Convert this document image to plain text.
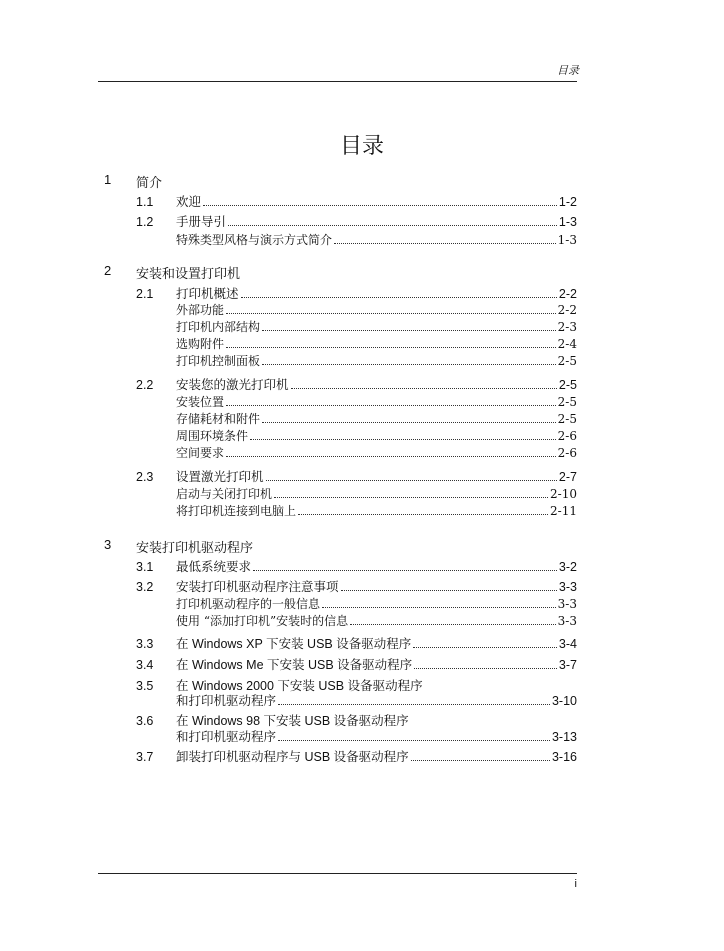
目录
目录
1 简介
1.1 欢迎	1-2
1.2 手册导引	1-3
特殊类型风格与演示方式简介	1-3
2 安装和设置打印机
2.1 打印机概述	2-2
外部功能	2-2
打印机内部结构	2-3
选购附件	2-4
打印机控制面板	2-5
2.2 安装您的激光打印机	2-5
安装位置	2-5
存储耗材和附件	2-5
周围环境条件	2-6
空间要求	2-6
2.3 设置激光打印机	2-7
启动与关闭打印机	2-10
将打印机连接到电脑上	2-11
3 安装打印机驱动程序
3.1 最低系统要求	3-2
3.2 安装打印机驱动程序注意事项	3-3
打印机驱动程序的一般信息	3-3
使用 “添加打印机”安装时的信息	3-3
3.3 在 Windows XP 下安装 USB 设备驱动程序	3-4
3.4 在 Windows Me 下安装 USB 设备驱动程序	3-7
3.5 在 Windows 2000 下安装 USB 设备驱动程序
和打印机驱动程序	3-10
3.6 在 Windows 98 下安装 USB 设备驱动程序
和打印机驱动程序	3-13
3.7 卸装打印机驱动程序与 USB 设备驱动程序	3-16
i
